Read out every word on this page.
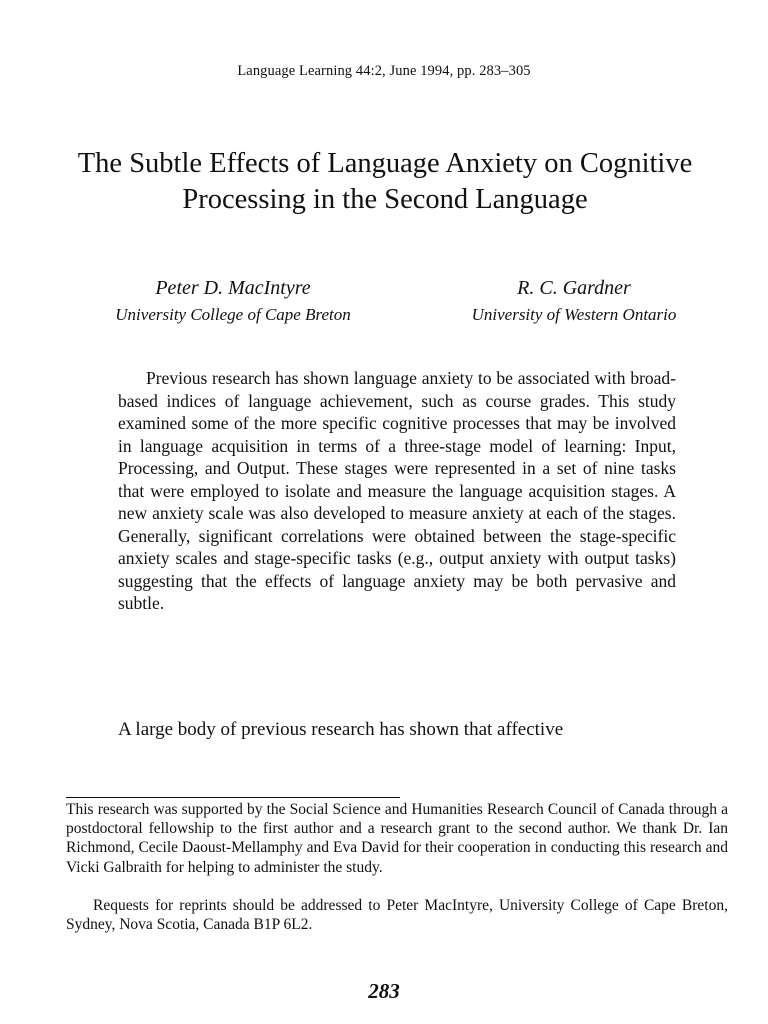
Language Learning 44:2, June 1994, pp. 283–305
The Subtle Effects of Language Anxiety on Cognitive Processing in the Second Language
Peter D. MacIntyre
University College of Cape Breton
R. C. Gardner
University of Western Ontario

Previous research has shown language anxiety to be associated with broad-based indices of language achievement, such as course grades. This study examined some of the more specific cognitive processes that may be involved in language acquisition in terms of a three-stage model of learning: Input, Processing, and Output. These stages were represented in a set of nine tasks that were employed to isolate and measure the language acquisition stages. A new anxiety scale was also developed to measure anxiety at each of the stages. Generally, significant correlations were obtained between the stage-specific anxiety scales and stage-specific tasks (e.g., output anxiety with output tasks) suggesting that the effects of language anxiety may be both pervasive and subtle.

A large body of previous research has shown that affective

This research was supported by the Social Science and Humanities Research Council of Canada through a postdoctoral fellowship to the first author and a research grant to the second author. We thank Dr. Ian Richmond, Cecile Daoust-Mellamphy and Eva David for their cooperation in conducting this research and Vicki Galbraith for helping to administer the study.

Requests for reprints should be addressed to Peter MacIntyre, University College of Cape Breton, Sydney, Nova Scotia, Canada B1P 6L2.

283
